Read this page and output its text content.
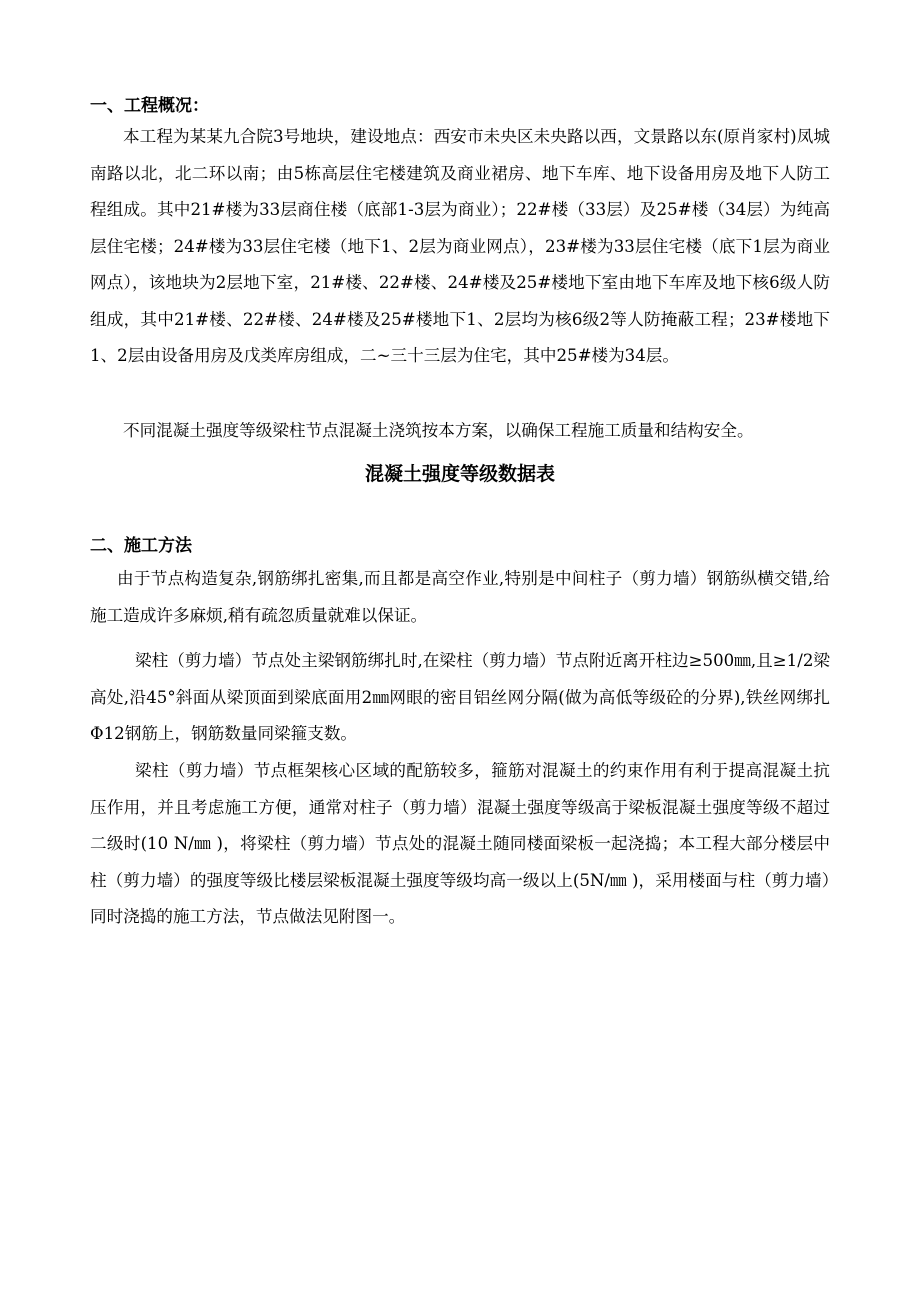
一、工程概况：

本工程为某某九合院3号地块，建设地点：西安市未央区未央路以西，文景路以东(原肖家村)凤城南路以北，北二环以南；由5栋高层住宅楼建筑及商业裙房、地下车库、地下设备用房及地下人防工程组成。其中21#楼为33层商住楼（底部1-3层为商业）；22#楼（33层）及25#楼（34层）为纯高层住宅楼；24#楼为33层住宅楼（地下1、2层为商业网点），23#楼为33层住宅楼（底下1层为商业网点），该地块为2层地下室，21#楼、22#楼、24#楼及25#楼地下室由地下车库及地下核6级人防组成，其中21#楼、22#楼、24#楼及25#楼地下1、2层均为核6级2等人防掩蔽工程；23#楼地下1、2层由设备用房及戊类库房组成，二~三十三层为住宅，其中25#楼为34层。

不同混凝土强度等级梁柱节点混凝土浇筑按本方案，以确保工程施工质量和结构安全。

混凝土强度等级数据表
二、施工方法

由于节点构造复杂,钢筋绑扎密集,而且都是高空作业,特别是中间柱子（剪力墙）钢筋纵横交错,给施工造成许多麻烦,稍有疏忽质量就难以保证。

梁柱（剪力墙）节点处主梁钢筋绑扎时,在梁柱（剪力墙）节点附近离开柱边≥500㎜,且≥1/2梁高处,沿45°斜面从梁顶面到梁底面用2㎜网眼的密目铝丝网分隔(做为高低等级砼的分界),铁丝网绑扎Φ12钢筋上，钢筋数量同梁箍支数。

梁柱（剪力墙）节点框架核心区域的配筋较多，箍筋对混凝土的约束作用有利于提高混凝土抗压作用，并且考虑施工方便，通常对柱子（剪力墙）混凝土强度等级高于梁板混凝土强度等级不超过二级时(10 N/㎜ )，将梁柱（剪力墙）节点处的混凝土随同楼面梁板一起浇捣；本工程大部分楼层中柱（剪力墙）的强度等级比楼层梁板混凝土强度等级均高一级以上(5N/㎜ )，采用楼面与柱（剪力墙）同时浇捣的施工方法，节点做法见附图一。
